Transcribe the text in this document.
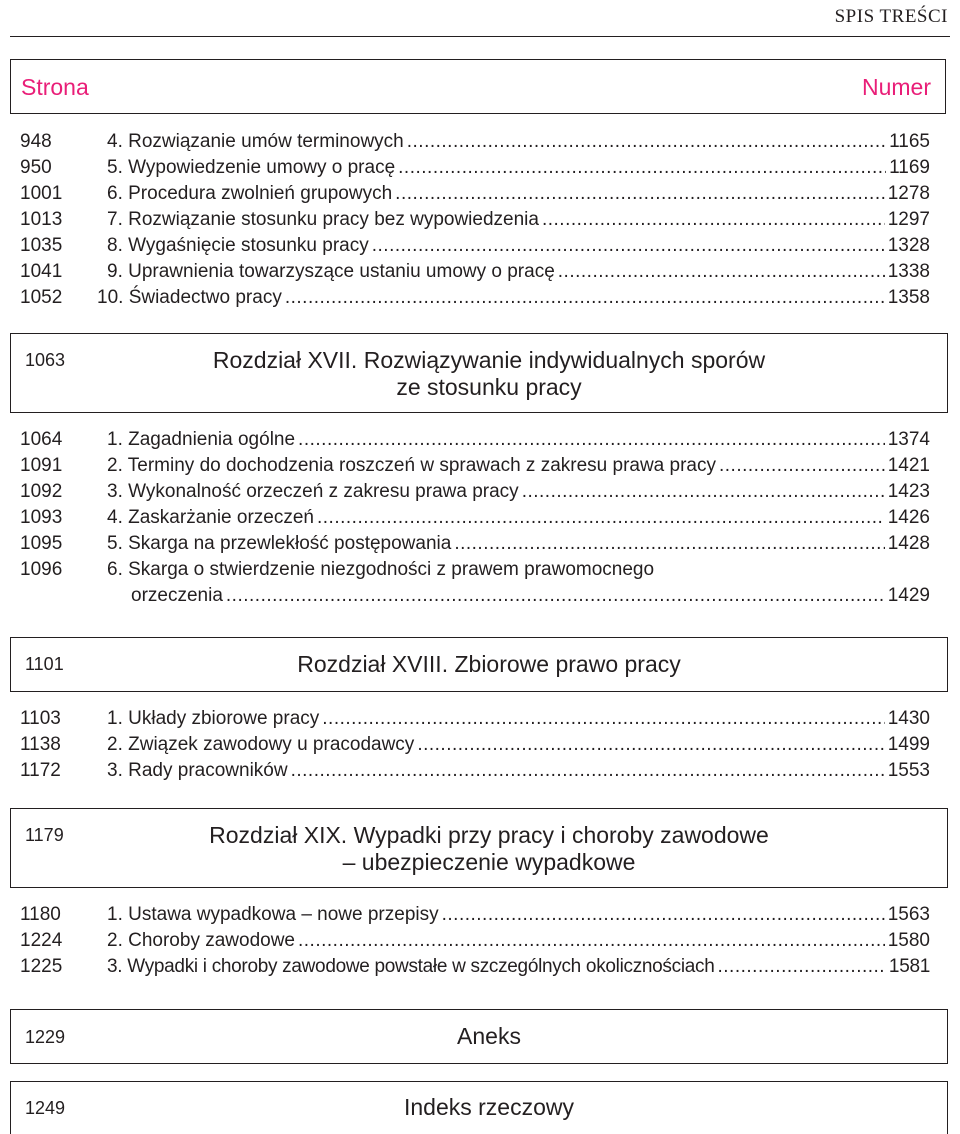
SPIS TREŚCI
Strona	Numer
948	4. Rozwiązanie umów terminowych .....	1165
950	5. Wypowiedzenie umowy o pracę .....	1169
1001 6. Procedura zwolnień grupowych .....	1278
1013 7. Rozwiązanie stosunku pracy bez wypowiedzenia .....	1297
1035 8. Wygaśnięcie stosunku pracy .....	1328
1041 9. Uprawnienia towarzyszące ustaniu umowy o pracę .....	1338
1052 10. Świadectwo pracy .....	1358
1063	Rozdział XVII. Rozwiązywanie indywidualnych sporów
ze stosunku pracy
1064 1. Zagadnienia ogólne .....	1374
1091 2. Terminy do dochodzenia roszczeń w sprawach z zakresu prawa pracy .....	1421
1092 3. Wykonalność orzeczeń z zakresu prawa pracy .....	1423
1093 4. Zaskarżanie orzeczeń .....	1426
1095 5. Skarga na przewlekłość postępowania .....	1428
1096 6. Skarga o stwierdzenie niezgodności z prawem prawomocnego
orzeczenia .....	1429
1101	Rozdział XVIII. Zbiorowe prawo pracy
1103 1. Układy zbiorowe pracy .....	1430
1138 2. Związek zawodowy u pracodawcy .....	1499
1172 3. Rady pracowników .....	1553
1179	Rozdział XIX. Wypadki przy pracy i choroby zawodowe
– ubezpieczenie wypadkowe
1180 1. Ustawa wypadkowa – nowe przepisy .....	1563
1224 2. Choroby zawodowe .....	1580
1225 3. Wypadki i choroby zawodowe powstałe w szczególnych okolicznościach .....	1581
1229	Aneks
1249	Indeks rzeczowy
